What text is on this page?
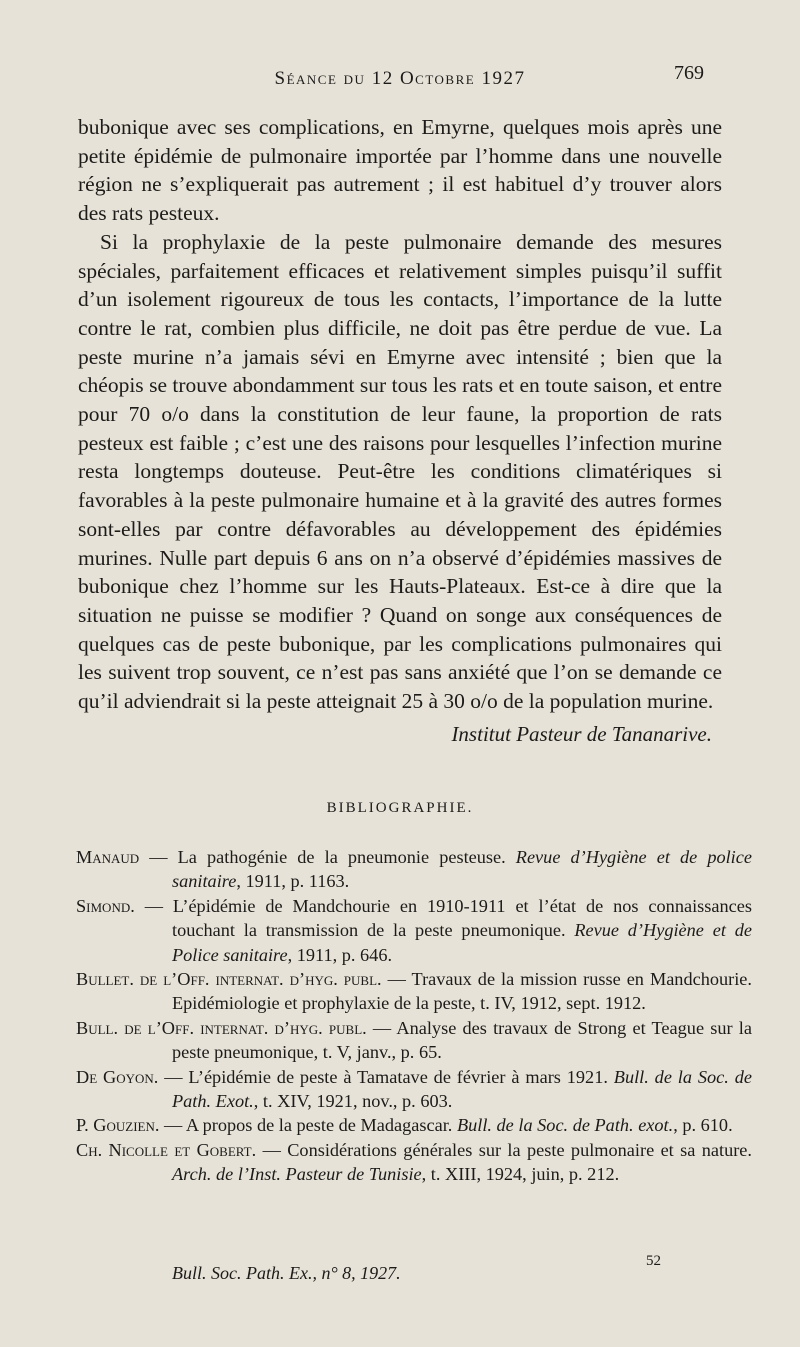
Séance du 12 Octobre 1927	769

bubonique avec ses complications, en Emyrne, quelques mois après une petite épidémie de pulmonaire importée par l’homme dans une nouvelle région ne s’expliquerait pas autrement ; il est habituel d’y trouver alors des rats pesteux.

Si la prophylaxie de la peste pulmonaire demande des mesures spéciales, parfaitement efficaces et relativement simples puisqu’il suffit d’un isolement rigoureux de tous les contacts, l’importance de la lutte contre le rat, combien plus difficile, ne doit pas être perdue de vue. La peste murine n’a jamais sévi en Emyrne avec intensité ; bien que la chéopis se trouve abondamment sur tous les rats et en toute saison, et entre pour 70 o/o dans la constitution de leur faune, la proportion de rats pesteux est faible ; c’est une des raisons pour lesquelles l’infection murine resta longtemps douteuse. Peut-être les conditions climatériques si favorables à la peste pulmonaire humaine et à la gravité des autres formes sont-elles par contre défavorables au développement des épidémies murines. Nulle part depuis 6 ans on n’a observé d’épidémies massives de bubonique chez l’homme sur les Hauts-Plateaux. Est-ce à dire que la situation ne puisse se modifier ? Quand on songe aux conséquences de quelques cas de peste bubonique, par les complications pulmonaires qui les suivent trop souvent, ce n’est pas sans anxiété que l’on se demande ce qu’il adviendrait si la peste atteignait 25 à 30 o/o de la population murine.

Institut Pasteur de Tananarive.
BIBLIOGRAPHIE.
Manaud — La pathogénie de la pneumonie pesteuse. Revue d’Hygiène et de police sanitaire, 1911, p. 1163.
Simond. — L’épidémie de Mandchourie en 1910-1911 et l’état de nos connaissances touchant la transmission de la peste pneumonique. Revue d’Hygiène et de Police sanitaire, 1911, p. 646.
Bullet. de l’Off. internat. d’hyg. publ. — Travaux de la mission russe en Mandchourie. Epidémiologie et prophylaxie de la peste, t. IV, 1912, sept. 1912.
Bull. de l’Off. internat. d’hyg. publ. — Analyse des travaux de Strong et Teague sur la peste pneumonique, t. V, janv., p. 65.
De Goyon. — L’épidémie de peste à Tamatave de février à mars 1921. Bull. de la Soc. de Path. Exot., t. XIV, 1921, nov., p. 603.
P. Gouzien. — A propos de la peste de Madagascar. Bull. de la Soc. de Path. exot., p. 610.
Ch. Nicolle et Gobert. — Considérations générales sur la peste pulmonaire et sa nature. Arch. de l’Inst. Pasteur de Tunisie, t. XIII, 1924, juin, p. 212.
Bull. Soc. Path. Ex., n° 8, 1927.
52
